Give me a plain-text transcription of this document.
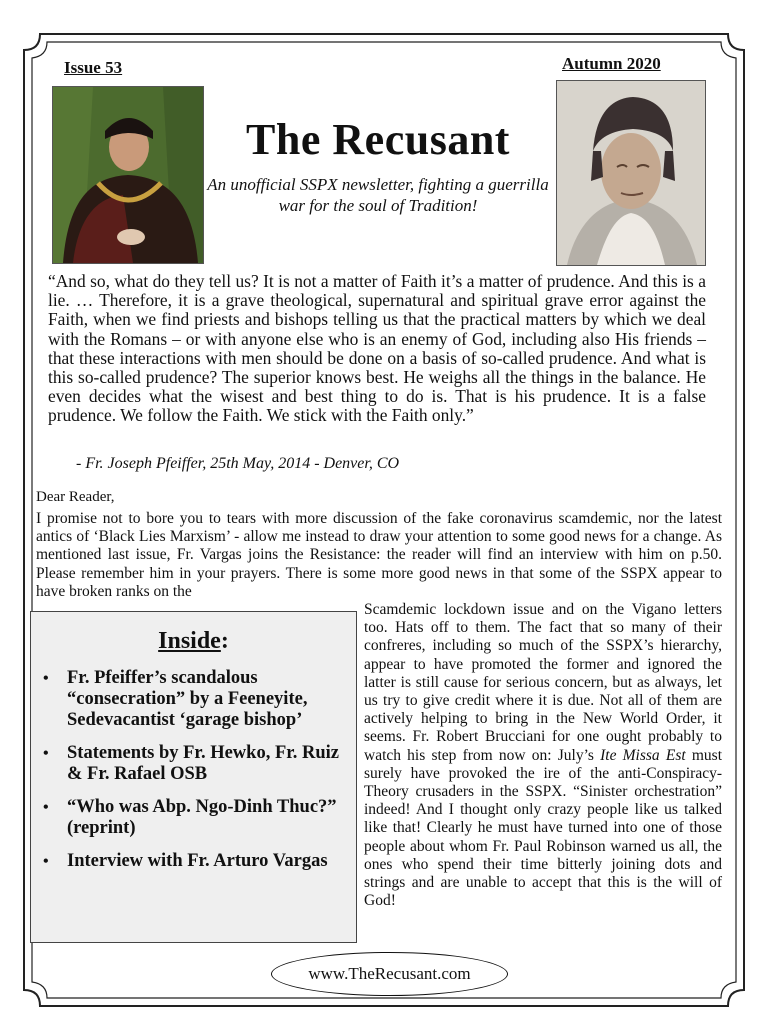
Issue 53	Autumn 2020
The Recusant
An unofficial SSPX newsletter, fighting a guerrilla war for the soul of Tradition!
“And so, what do they tell us? It is not a matter of Faith it’s a matter of prudence. And this is a lie. … Therefore, it is a grave theological, supernatural and spiritual grave error against the Faith, when we find priests and bishops telling us that the practical matters by which we deal with the Romans – or with anyone else who is an enemy of God, including also His friends – that these interactions with men should be done on a basis of so-called prudence. And what is this so-called prudence? The superior knows best. He weighs all the things in the balance. He even decides what the wisest and best thing to do is. That is his prudence. It is a false prudence. We follow the Faith. We stick with the Faith only.”
- Fr. Joseph Pfeiffer, 25th May, 2014 - Denver, CO
Dear Reader,
I promise not to bore you to tears with more discussion of the fake coronavirus scamdemic, nor the latest antics of ‘Black Lies Marxism’ - allow me instead to draw your attention to some good news for a change. As mentioned last issue, Fr. Vargas joins the Resistance: the reader will find an interview with him on p.50. Please remember him in your prayers. There is some more good news in that some of the SSPX appear to have broken ranks on the
Inside:
• Fr. Pfeiffer’s scandalous “consecration” by a Feeneyite, Sedevacantist ‘garage bishop’
• Statements by Fr. Hewko, Fr. Ruiz & Fr. Rafael OSB
• “Who was Abp. Ngo-Dinh Thuc?” (reprint)
• Interview with Fr. Arturo Vargas
Scamdemic lockdown issue and on the Vigano letters too. Hats off to them. The fact that so many of their confreres, including so much of the SSPX’s hierarchy, appear to have promoted the former and ignored the latter is still cause for serious concern, but as always, let us try to give credit where it is due. Not all of them are actively helping to bring in the New World Order, it seems. Fr. Robert Brucciani for one ought probably to watch his step from now on: July’s Ite Missa Est must surely have provoked the ire of the anti-Conspiracy-Theory crusaders in the SSPX. “Sinister orchestration” indeed! And I thought only crazy people like us talked like that! Clearly he must have turned into one of those people about whom Fr. Paul Robinson warned us all, the ones who spend their time bitterly joining dots and strings and are unable to accept that this is the will of God!
www.TheRecusant.com
